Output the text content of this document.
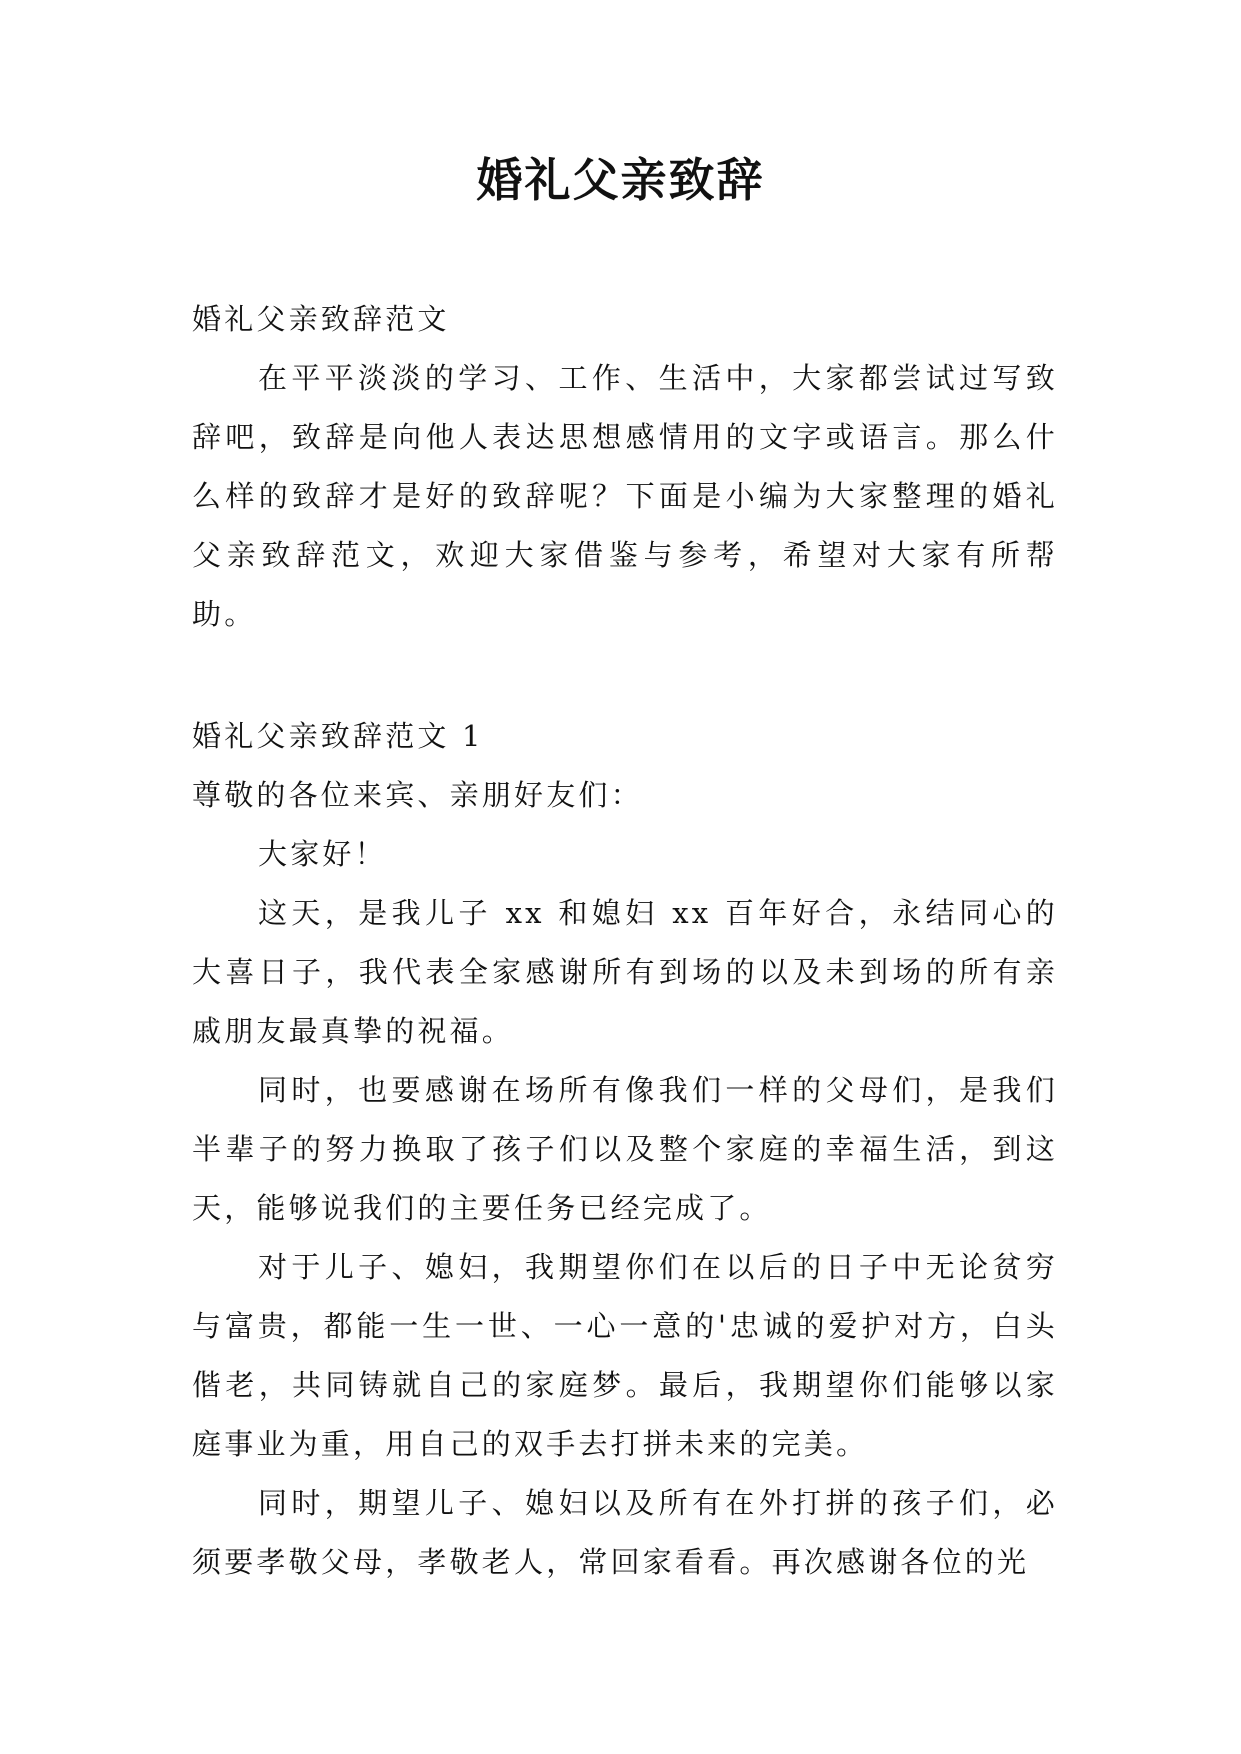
婚礼父亲致辞

婚礼父亲致辞范文

在平平淡淡的学习、工作、生活中，大家都尝试过写致辞吧，致辞是向他人表达思想感情用的文字或语言。那么什么样的致辞才是好的致辞呢？下面是小编为大家整理的婚礼父亲致辞范文，欢迎大家借鉴与参考，希望对大家有所帮助。

婚礼父亲致辞范文 1

尊敬的各位来宾、亲朋好友们：

大家好！

这天，是我儿子 xx 和媳妇 xx 百年好合，永结同心的大喜日子，我代表全家感谢所有到场的以及未到场的所有亲戚朋友最真挚的祝福。

同时，也要感谢在场所有像我们一样的父母们，是我们半辈子的努力换取了孩子们以及整个家庭的幸福生活，到这天，能够说我们的主要任务已经完成了。

对于儿子、媳妇，我期望你们在以后的日子中无论贫穷与富贵，都能一生一世、一心一意的'忠诚的爱护对方，白头偕老，共同铸就自己的家庭梦。最后，我期望你们能够以家庭事业为重，用自己的双手去打拼未来的完美。

同时，期望儿子、媳妇以及所有在外打拼的孩子们，必须要孝敬父母，孝敬老人，常回家看看。再次感谢各位的光
